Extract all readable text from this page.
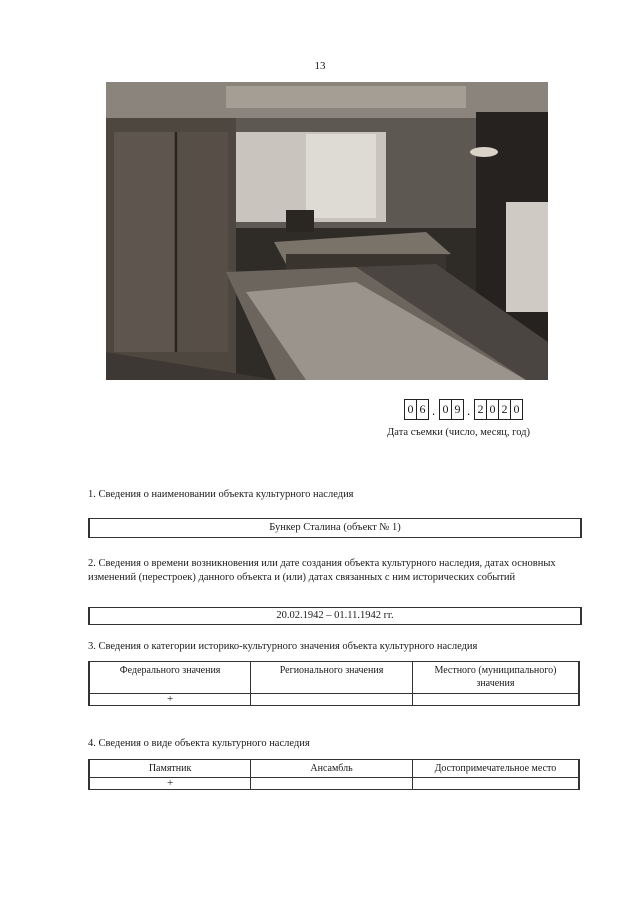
13
0 6 . 0 9 . 2 0 2 0
Дата съемки (число, месяц, год)
1. Сведения о наименовании объекта культурного наследия
Бункер Сталина (объект № 1)
2. Сведения о времени возникновения или дате создания объекта культурного наследия, датах основных изменений (перестроек) данного объекта и (или) датах связанных с ним исторических событий
20.02.1942 – 01.11.1942 гг.
3. Сведения о категории историко-культурного значения объекта культурного наследия
Федерального значения	Регионального значения	Местного (муниципального) значения
+		
4. Сведения о виде объекта культурного наследия
Памятник	Ансамбль	Достопримечательное место
+		
